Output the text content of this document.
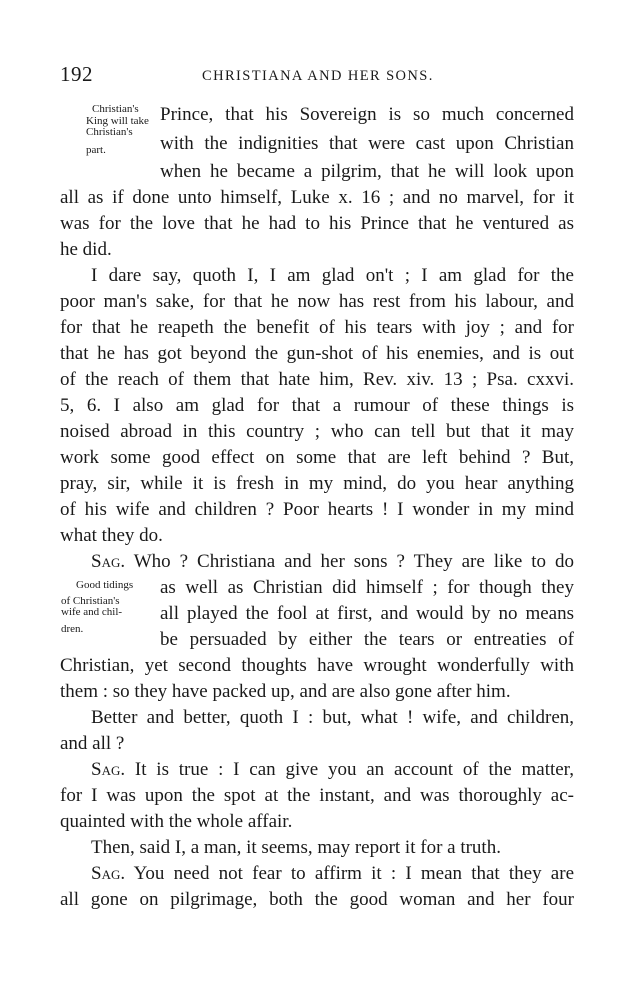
192	CHRISTIANA AND HER SONS.
Christian's
King will take
Christian's
part.
Good tidings
of Christian's
wife and chil-
dren.
Prince, that his Sovereign is so much concerned
with the indignities that were cast upon Christian
when he became a pilgrim, that he will look upon
all as if done unto himself, Luke x. 16 ; and no marvel, for it
was for the love that he had to his Prince that he ventured as
he did.
I dare say, quoth I, I am glad on't ; I am glad for the
poor man's sake, for that he now has rest from his labour, and
for that he reapeth the benefit of his tears with joy ; and for
that he has got beyond the gun-shot of his enemies, and is out
of the reach of them that hate him, Rev. xiv. 13 ; Psa. cxxvi.
5, 6. I also am glad for that a rumour of these things is
noised abroad in this country ; who can tell but that it may
work some good effect on some that are left behind ? But,
pray, sir, while it is fresh in my mind, do you hear anything
of his wife and children ? Poor hearts ! I wonder in my mind
what they do.
Sag. Who ? Christiana and her sons ? They are like to do
as well as Christian did himself ; for though they
all played the fool at first, and would by no means
be persuaded by either the tears or entreaties of
Christian, yet second thoughts have wrought wonderfully with
them : so they have packed up, and are also gone after him.
Better and better, quoth I : but, what ! wife, and children,
and all ?
Sag. It is true : I can give you an account of the matter,
for I was upon the spot at the instant, and was thoroughly ac-
quainted with the whole affair.
Then, said I, a man, it seems, may report it for a truth.
Sag. You need not fear to affirm it : I mean that they are
all gone on pilgrimage, both the good woman and her four
